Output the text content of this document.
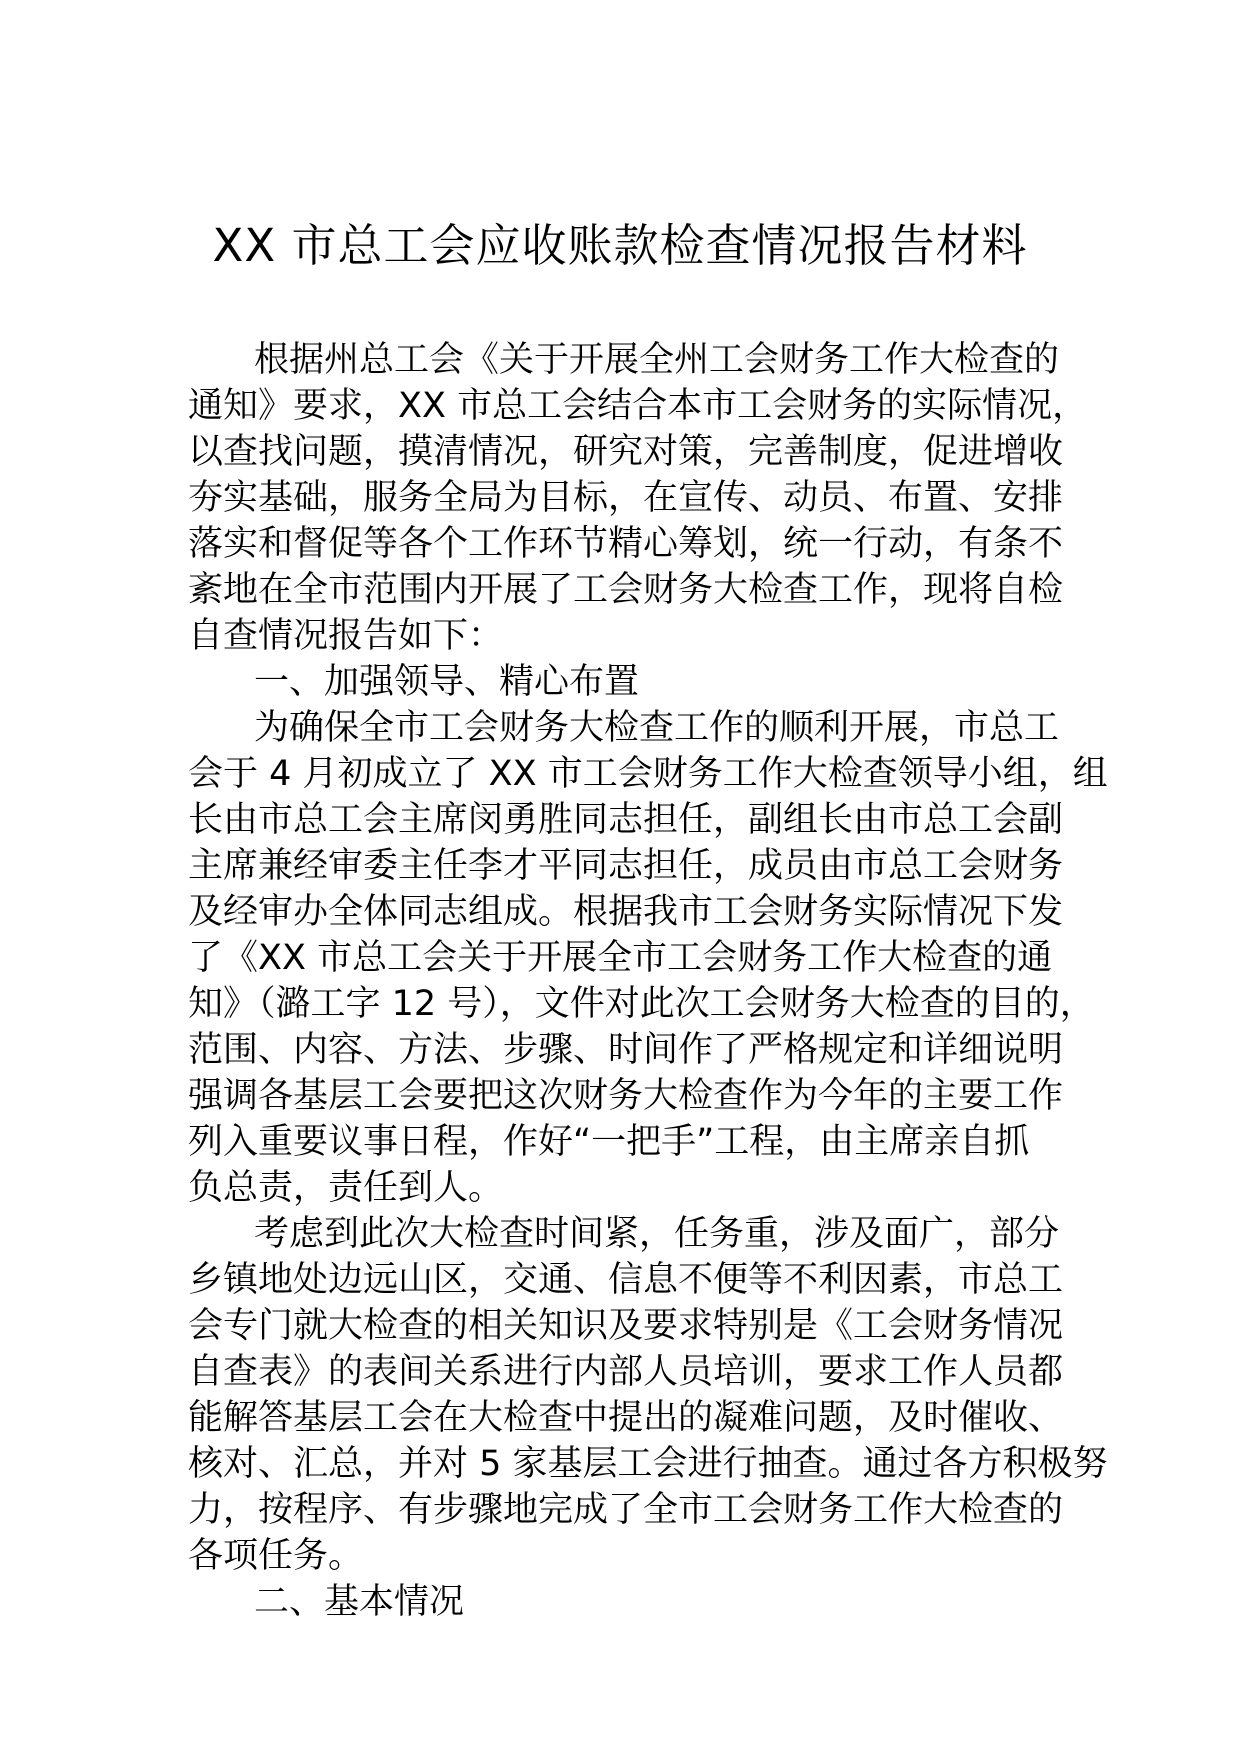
XX 市总工会应收账款检查情况报告材料
根据州总工会《关于开展全州工会财务工作大检查的
通知》要求，XX 市总工会结合本市工会财务的实际情况，
以查找问题，摸清情况，研究对策，完善制度，促进增收
夯实基础，服务全局为目标，在宣传、动员、布置、安排
落实和督促等各个工作环节精心筹划，统一行动，有条不
紊地在全市范围内开展了工会财务大检查工作，现将自检
自查情况报告如下：
一、加强领导、精心布置
为确保全市工会财务大检查工作的顺利开展，市总工
会于 4 月初成立了 XX 市工会财务工作大检查领导小组，组
长由市总工会主席闵勇胜同志担任，副组长由市总工会副
主席兼经审委主任李才平同志担任，成员由市总工会财务
及经审办全体同志组成。根据我市工会财务实际情况下发
了《XX 市总工会关于开展全市工会财务工作大检查的通
知》（潞工字 12 号），文件对此次工会财务大检查的目的，
范围、内容、方法、步骤、时间作了严格规定和详细说明
强调各基层工会要把这次财务大检查作为今年的主要工作
列入重要议事日程，作好“一把手”工程，由主席亲自抓
负总责，责任到人。
考虑到此次大检查时间紧，任务重，涉及面广，部分
乡镇地处边远山区，交通、信息不便等不利因素，市总工
会专门就大检查的相关知识及要求特别是《工会财务情况
自查表》的表间关系进行内部人员培训，要求工作人员都
能解答基层工会在大检查中提出的凝难问题，及时催收、
核对、汇总，并对 5 家基层工会进行抽查。通过各方积极努
力，按程序、有步骤地完成了全市工会财务工作大检查的
各项任务。
二、基本情况
